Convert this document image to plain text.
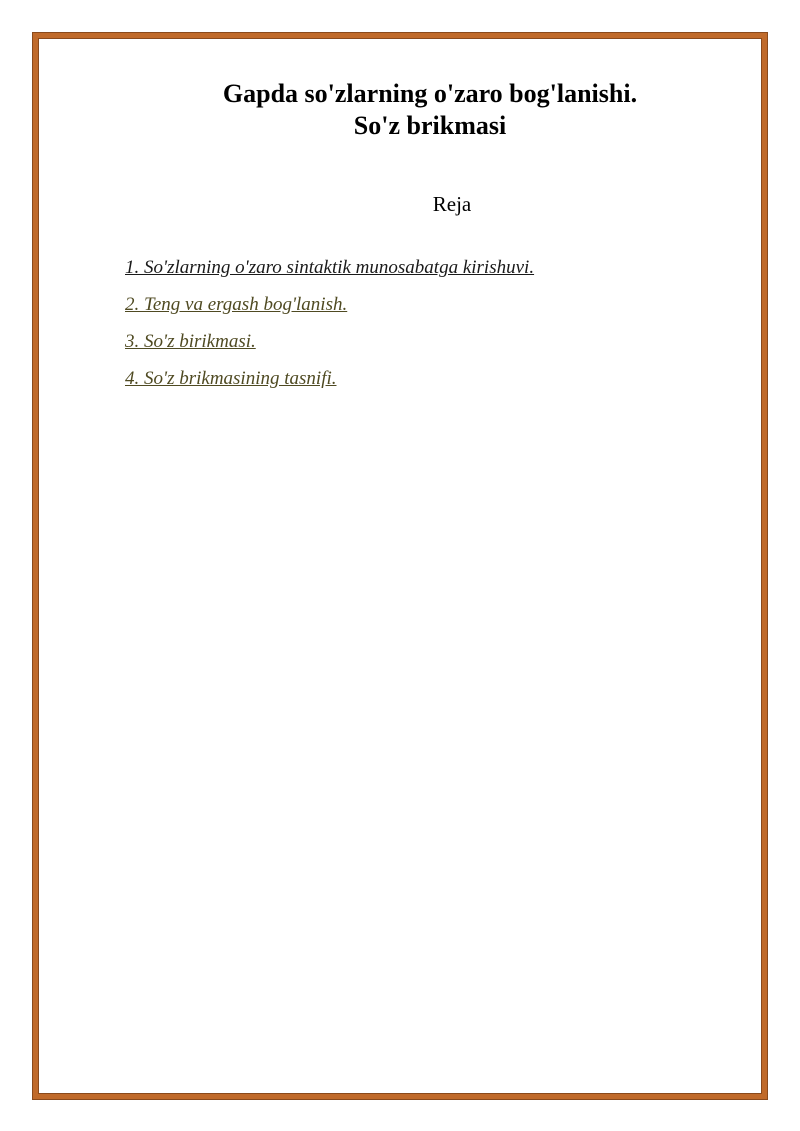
Gapda so'zlarning o'zaro bog'lanishi.
So'z brikmasi
Reja
1. So'zlarning o'zaro sintaktik munosabatga kirishuvi.
2. Teng va ergash bog'lanish.
3. So'z birikmasi.
4. So'z brikmasining tasnifi.
